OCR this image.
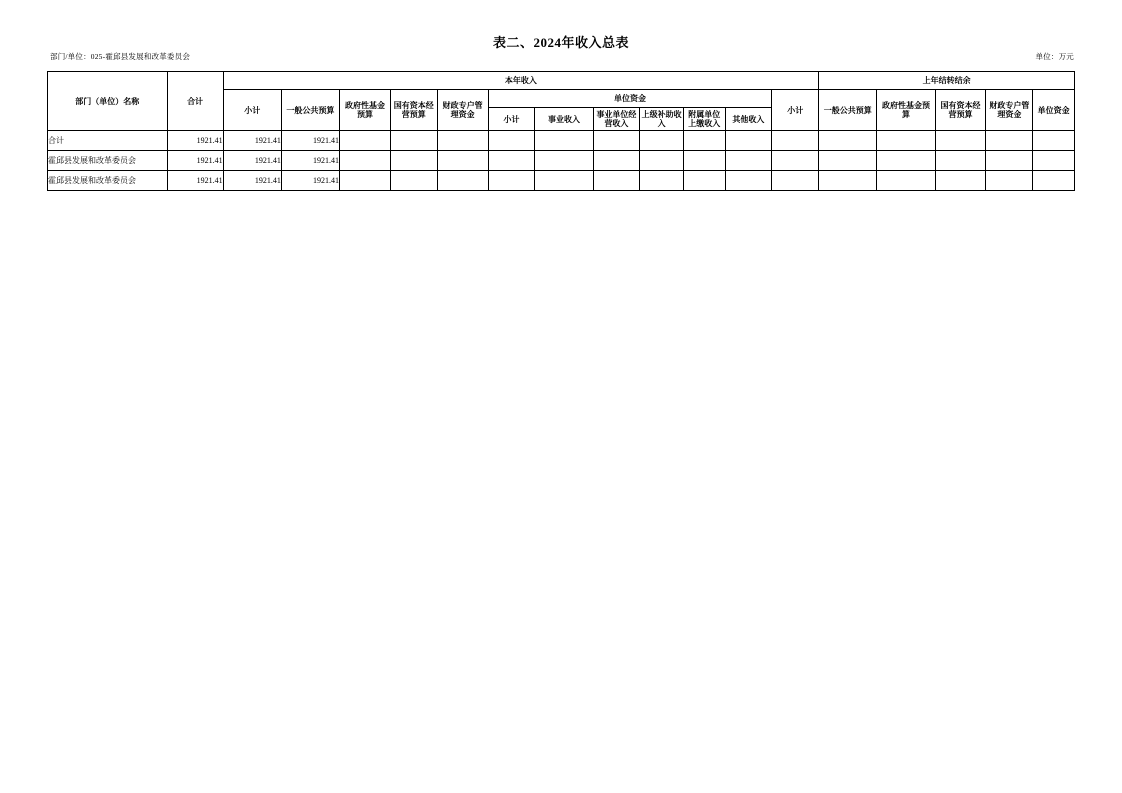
表二、2024年收入总表
部门/单位：025-霍邱县发展和改革委员会	单位：万元
部门（单位）名称	合计	本年收入												上年结转结余				
		小计	一般公共预算	政府性基金预算	国有资本经营预算	财政专户管理资金	单位资金						小计	一般公共预算	政府性基金预算	国有资本经营预算	财政专户管理资金	单位资金
							小计	事业收入	事业单位经营收入	上级补助收入	附属单位上缴收入	其他收入						

合计	1921.41	1921.41	1921.41															
霍邱县发展和改革委员会	1921.41	1921.41	1921.41															
霍邱县发展和改革委员会	1921.41	1921.41	1921.41															
